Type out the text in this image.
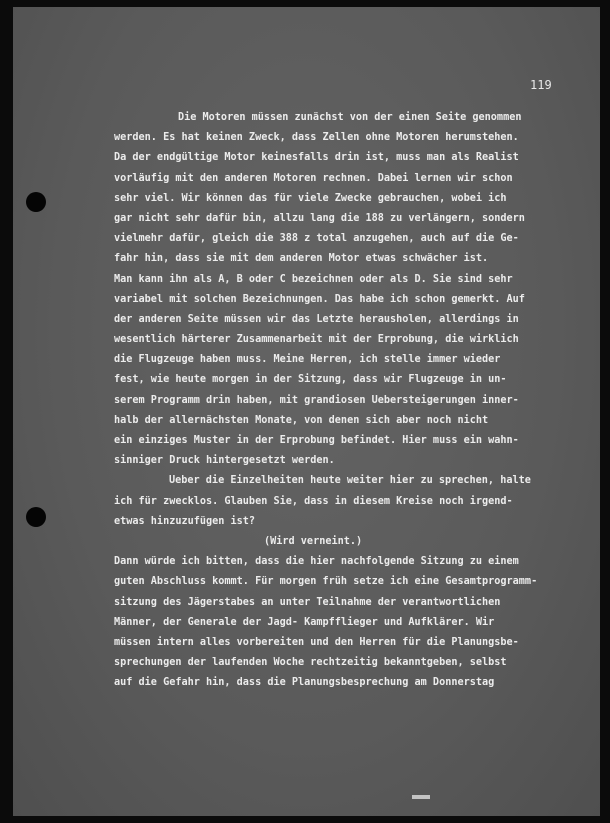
119
Die Motoren müssen zunächst von der einen Seite genommen
werden. Es hat keinen Zweck, dass Zellen ohne Motoren herumstehen.
Da der endgültige Motor keinesfalls drin ist, muss man als Realist
vorläufig mit den anderen Motoren rechnen. Dabei lernen wir schon
sehr viel. Wir können das für viele Zwecke gebrauchen, wobei ich
gar nicht sehr dafür bin, allzu lang die 188 zu verlängern, sondern
vielmehr dafür, gleich die 388 z total anzugehen, auch auf die Ge-
fahr hin, dass sie mit dem anderen Motor etwas schwächer ist.
Man kann ihn als A, B oder C bezeichnen oder als D. Sie sind sehr
variabel mit solchen Bezeichnungen. Das habe ich schon gemerkt. Auf
der anderen Seite müssen wir das Letzte herausholen, allerdings in
wesentlich härterer Zusammenarbeit mit der Erprobung, die wirklich
die Flugzeuge haben muss. Meine Herren, ich stelle immer wieder
fest, wie heute morgen in der Sitzung, dass wir Flugzeuge in un-
serem Programm drin haben, mit grandiosen Uebersteigerungen inner-
halb der allernächsten Monate, von denen sich aber noch nicht
ein einziges Muster in der Erprobung befindet. Hier muss ein wahn-
sinniger Druck hintergesetzt werden.
Ueber die Einzelheiten heute weiter hier zu sprechen, halte
ich für zwecklos. Glauben Sie, dass in diesem Kreise noch irgend-
etwas hinzuzufügen ist?
(Wird verneint.)
Dann würde ich bitten, dass die hier nachfolgende Sitzung zu einem
guten Abschluss kommt. Für morgen früh setze ich eine Gesamtprogramm-
sitzung des Jägerstabes an unter Teilnahme der verantwortlichen
Männer, der Generale der Jagd- Kampfflieger und Aufklärer. Wir
müssen intern alles vorbereiten und den Herren für die Planungsbe-
sprechungen der laufenden Woche rechtzeitig bekanntgeben, selbst
auf die Gefahr hin, dass die Planungsbesprechung am Donnerstag
